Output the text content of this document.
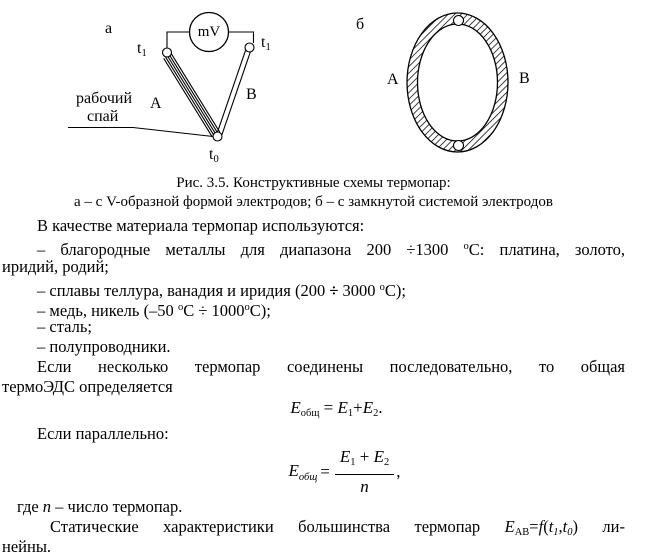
а	mV
$t_1$
$t_1$
A
B
$t_0$
рабочий
спай
б
A	B
Рис. 3.5. Конструктивные схемы термопар:
а – с V-образной формой электродов; б – с замкнутой системой электродов
В качестве материала термопар используются:
– благородные металлы для диапазона 200 ÷1300 $^о$С: платина, золото,
иридий, родий;
– сплавы теллура, ванадия и иридия (200 ÷ 3000 $^о$С);
– медь, никель (–50 $^оС \div 1000^оС$);
– сталь;
– полупроводники.
Если несколько термопар соединены последовательно, то общая
термоЭДС определяется
$E_{общ} = E_1+E_2$.
Если параллельно:
$E_{общ} = \frac{E_1 + E_2}{n}$ ,
где n – число термопар.
Статические характеристики большинства термопар $E_{АВ}=f(t_1,t_0)$ ли-
нейны.
